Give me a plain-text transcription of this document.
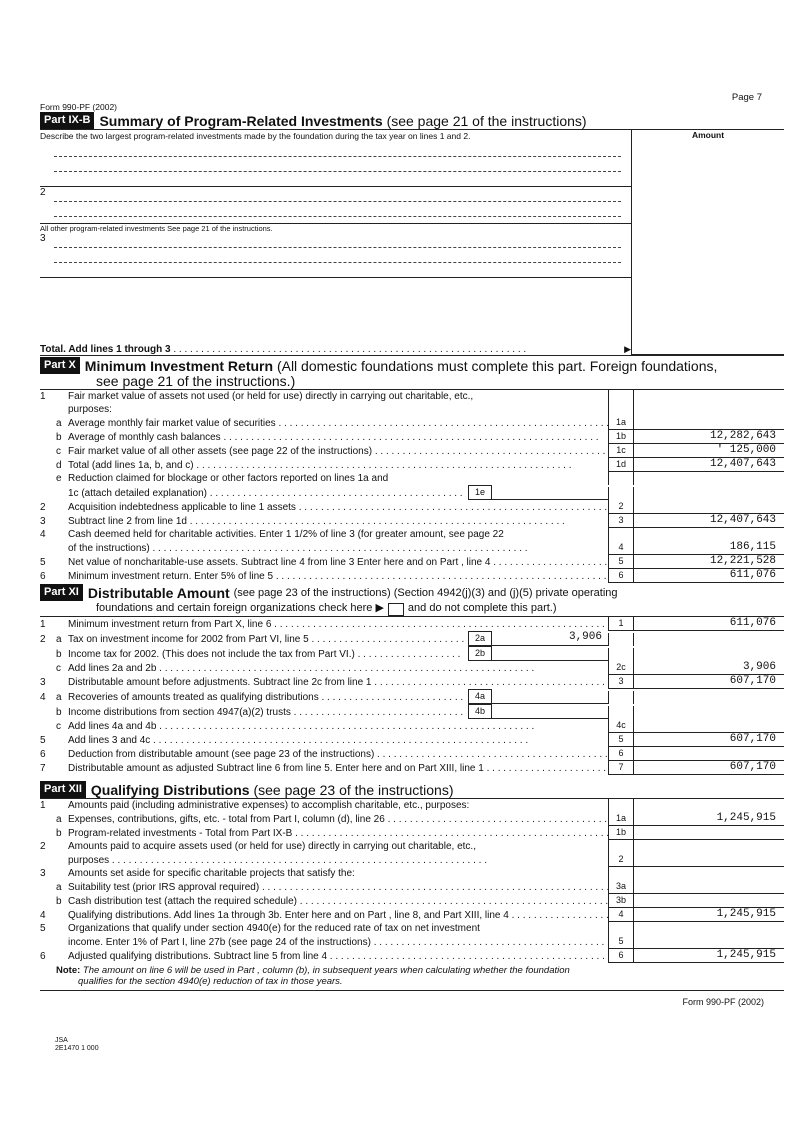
Form 990-PF (2002)
Page 7
Part IX-B Summary of Program-Related Investments
(see page 21 of the instructions)
Describe the two largest program-related investments made by the foundation during the tax year on lines 1 and 2.	Amount
2
All other program-related investments See page 21 of the instructions.
3
Total. Add lines 1 through 3 . . . . . . . . . . . . . . . . . . . . . . . . . . . . . . . . . . . . . . . . . . . . . . . . . . . . . . . . . . . . . . . .	▶
Part X Minimum Investment Return
(All domestic foundations must complete this part. Foreign foundations,
see page 21 of the instructions.)
1	Fair market value of assets not used (or held for use) directly in carrying out charitable, etc.,

purposes:

a Average monthly fair market value of securities . . .	1a
b Average of monthly cash balances . . .	1b	12,282,643
c Fair market value of all other assets (see page 22 of the instructions) . . .	1c	' 125,000
d Total (add lines 1a, b, and c) . . .	1d	12,407,643
e Reduction claimed for blockage or other factors reported on lines 1a and

1c (attach detailed explanation) . . .	1e

2	Acquisition indebtedness applicable to line 1 assets . . .	2
3	Subtract line 2 from line 1d . . .	3	12,407,643
4	Cash deemed held for charitable activities. Enter 1 1/2% of line 3 (for greater amount, see page 22

of the instructions) . . .	4	186,115
5	Net value of noncharitable-use assets. Subtract line 4 from line 3 Enter here and on Part , line 4 . . .	5	12,221,528
6	Minimum investment return. Enter 5% of line 5 . . .	6	611,076
Part XI Distributable Amount
(see page 23 of the instructions) (Section 4942(j)(3) and (j)(5) private operating
foundations and certain foreign organizations check here ▶ and do not complete this part.)
1	Minimum investment return from Part X, line 6 . . .	1	611,076
2	a Tax on investment income for 2002 from Part VI, line 5 . . .	2a	3,906

b Income tax for 2002. (This does not include the tax from Part VI.) . . .	2b

c Add lines 2a and 2b . . .	2c	3,906
3	Distributable amount before adjustments. Subtract line 2c from line 1 . . .	3	607,170
4	a Recoveries of amounts treated as qualifying distributions . . .	4a

b Income distributions from section 4947(a)(2) trusts . . .	4b

c Add lines 4a and 4b . . .	4c
5	Add lines 3 and 4c . . .	5	607,170
6	Deduction from distributable amount (see page 23 of the instructions) . . .	6
7	Distributable amount as adjusted Subtract line 6 from line 5. Enter here and on Part XIII, line 1 . . .	7	607,170
Part XII Qualifying Distributions
(see page 23 of the instructions)
1	Amounts paid (including administrative expenses) to accomplish charitable, etc., purposes:

a Expenses, contributions, gifts, etc. - total from Part I, column (d), line 26 . . .	1a	1,245,915
b Program-related investments - Total from Part IX-B . . .	1b
2	Amounts paid to acquire assets used (or held for use) directly in carrying out charitable, etc.,

purposes . . .	2
3	Amounts set aside for specific charitable projects that satisfy the:

a Suitability test (prior IRS approval required) . . .	3a
b Cash distribution test (attach the required schedule) . . .	3b
4	Qualifying distributions. Add lines 1a through 3b. Enter here and on Part , line 8, and Part XIII, line 4 . . .	4	1,245,915
5	Organizations that qualify under section 4940(e) for the reduced rate of tax on net investment

income. Enter 1% of Part I, line 27b (see page 24 of the instructions) . . .	5
6	Adjusted qualifying distributions. Subtract line 5 from line 4 . . .	6	1,245,915
Note: The amount on line 6 will be used in Part , column (b), in subsequent years when calculating whether the foundation
qualifies for the section 4940(e) reduction of tax in those years.
Form 990-PF (2002)
JSA
2E1470 1 000
